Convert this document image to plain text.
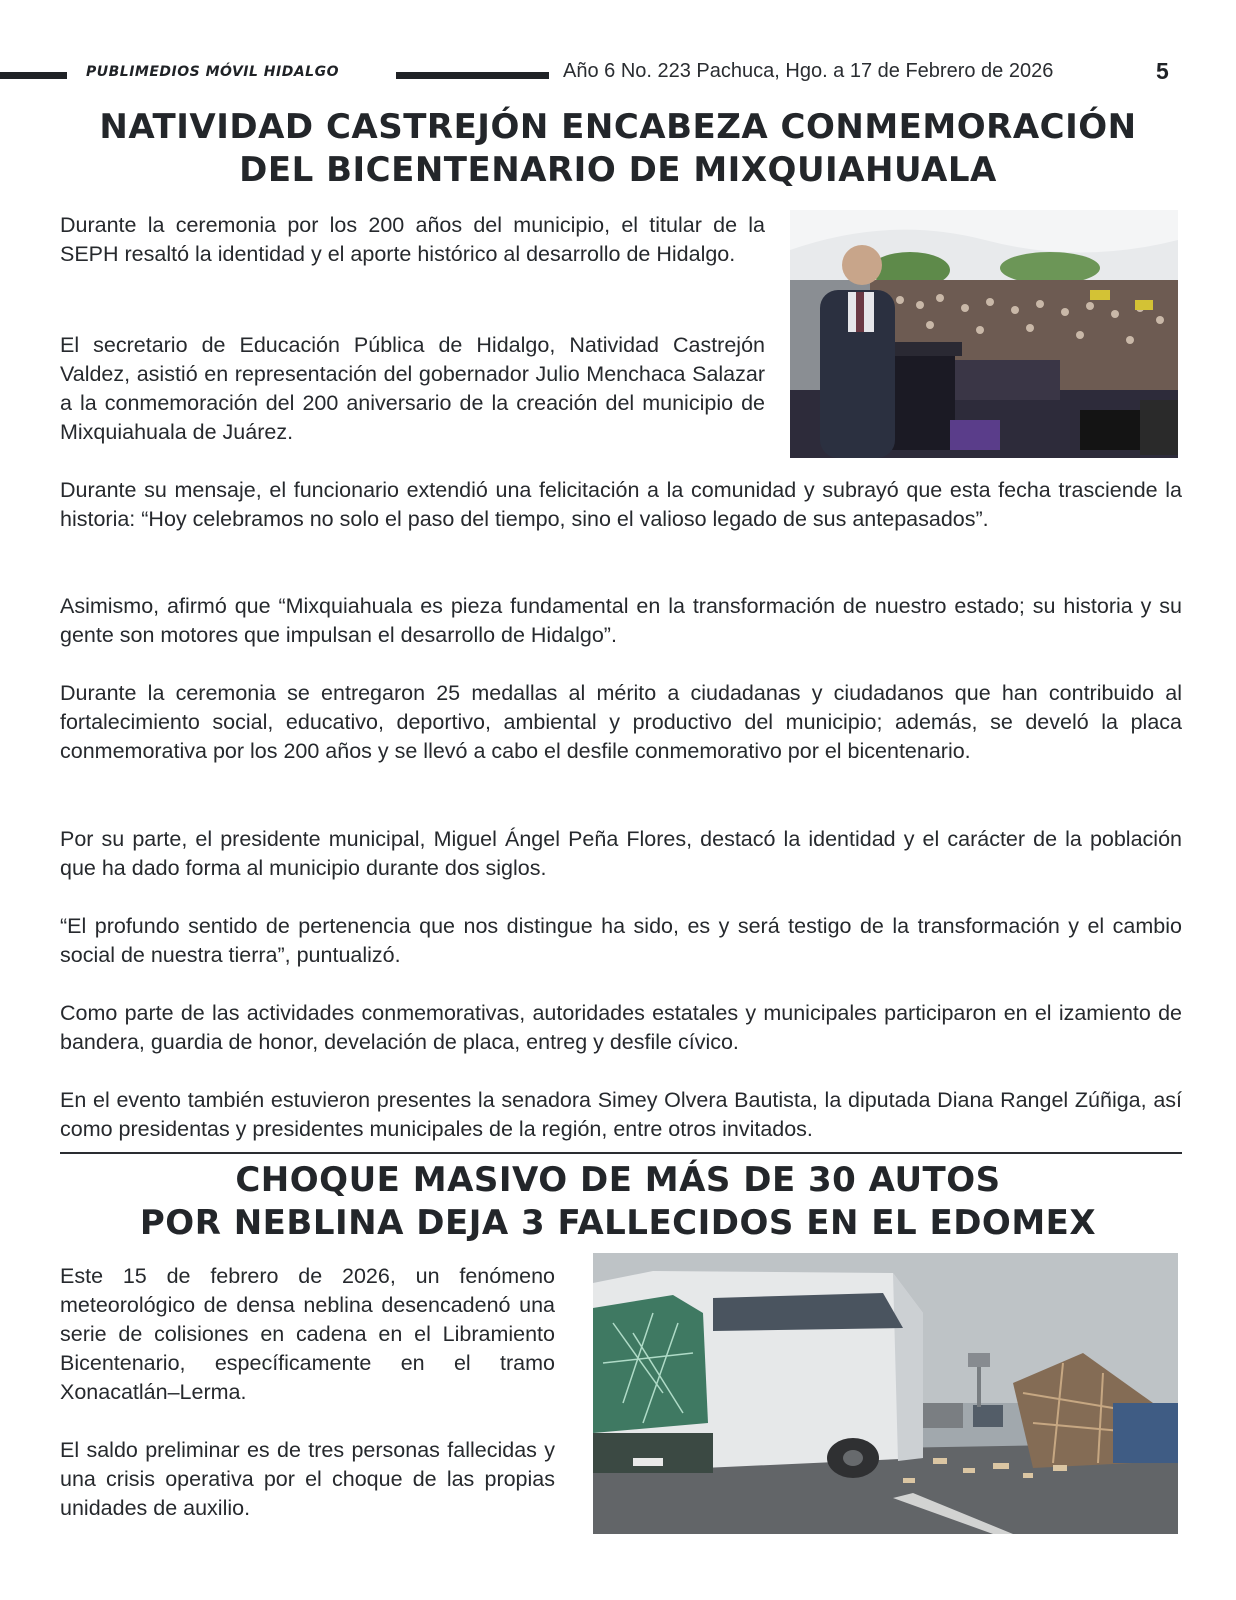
PUBLIMEDIOS MÓVIL HIDALGO	Año 6 No. 223 Pachuca, Hgo. a 17 de Febrero de 2026	5
NATIVIDAD CASTREJÓN ENCABEZA CONMEMORACIÓN
DEL BICENTENARIO DE MIXQUIAHUALA

Durante la ceremonia por los 200 años del municipio, el titular de la SEPH resaltó la identidad y el aporte histórico al desarrollo de Hidalgo.

El secretario de Educación Pública de Hidalgo, Natividad Castrejón Valdez, asistió en representación del gobernador Julio Menchaca Salazar a la conmemoración del 200 aniversario de la creación del municipio de Mixquiahuala de Juárez.

Durante su mensaje, el funcionario extendió una felicitación a la comunidad y subrayó que esta fecha trasciende la historia: “Hoy celebramos no solo el paso del tiempo, sino el valioso legado de sus antepasados”.

Asimismo, afirmó que “Mixquiahuala es pieza fundamental en la transformación de nuestro estado; su historia y su gente son motores que impulsan el desarrollo de Hidalgo”.

Durante la ceremonia se entregaron 25 medallas al mérito a ciudadanas y ciudadanos que han contribuido al fortalecimiento social, educativo, deportivo, ambiental y productivo del municipio; además, se develó la placa conmemorativa por los 200 años y se llevó a cabo el desfile conmemorativo por el bicentenario.

Por su parte, el presidente municipal, Miguel Ángel Peña Flores, destacó la identidad y el carácter de la población que ha dado forma al municipio durante dos siglos.

“El profundo sentido de pertenencia que nos distingue ha sido, es y será testigo de la transformación y el cambio social de nuestra tierra”, puntualizó.

Como parte de las actividades conmemorativas, autoridades estatales y municipales participaron en el izamiento de bandera, guardia de honor, develación de placa, entreg y desfile cívico.

En el evento también estuvieron presentes la senadora Simey Olvera Bautista, la diputada Diana Rangel Zúñiga, así como presidentas y presidentes municipales de la región, entre otros invitados.

CHOQUE MASIVO DE MÁS DE 30 AUTOS
POR NEBLINA DEJA 3 FALLECIDOS EN EL EDOMEX

Este 15 de febrero de 2026, un fenómeno meteorológico de densa neblina desencadenó una serie de colisiones en cadena en el Libramiento Bicentenario, específicamente en el tramo Xonacatlán–Lerma.

El saldo preliminar es de tres personas fallecidas y una crisis operativa por el choque de las propias unidades de auxilio.
